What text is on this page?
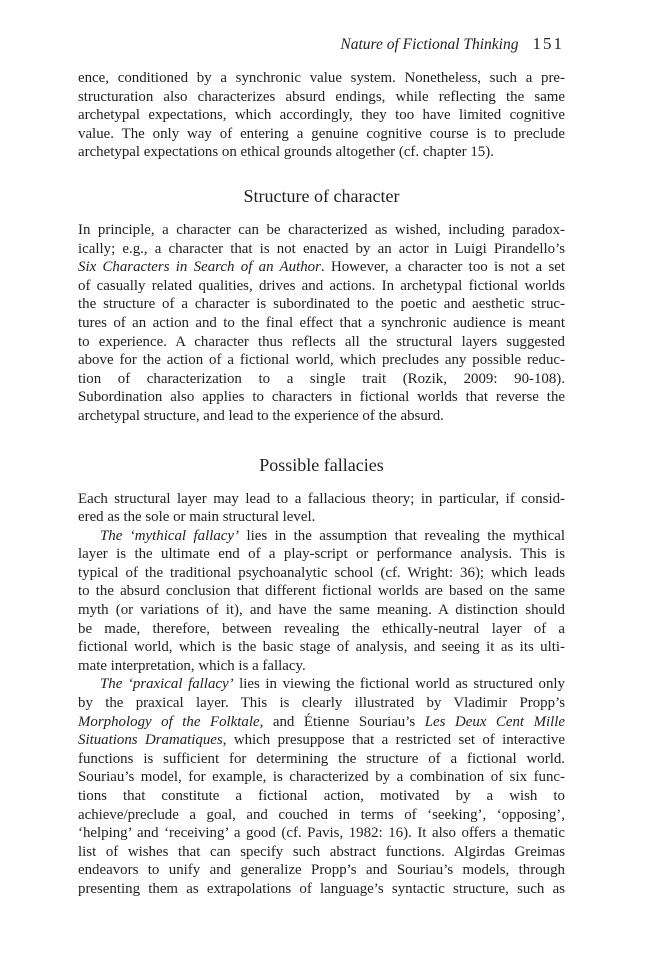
Nature of Fictional Thinking 151
ence, conditioned by a synchronic value system. Nonetheless, such a pre-
structuration also characterizes absurd endings, while reflecting the same
archetypal expectations, which accordingly, they too have limited cognitive
value. The only way of entering a genuine cognitive course is to preclude
archetypal expectations on ethical grounds altogether (cf. chapter 15).
Structure of character
In principle, a character can be characterized as wished, including paradox-
ically; e.g., a character that is not enacted by an actor in Luigi Pirandello’s
Six Characters in Search of an Author. However, a character too is not a set
of casually related qualities, drives and actions. In archetypal fictional worlds
the structure of a character is subordinated to the poetic and aesthetic struc-
tures of an action and to the final effect that a synchronic audience is meant
to experience. A character thus reflects all the structural layers suggested
above for the action of a fictional world, which precludes any possible reduc-
tion of characterization to a single trait (Rozik, 2009: 90-108).
Subordination also applies to characters in fictional worlds that reverse the
archetypal structure, and lead to the experience of the absurd.
Possible fallacies
Each structural layer may lead to a fallacious theory; in particular, if consid-
ered as the sole or main structural level.
The ‘mythical fallacy’ lies in the assumption that revealing the mythical
layer is the ultimate end of a play-script or performance analysis. This is
typical of the traditional psychoanalytic school (cf. Wright: 36); which leads
to the absurd conclusion that different fictional worlds are based on the same
myth (or variations of it), and have the same meaning. A distinction should
be made, therefore, between revealing the ethically-neutral layer of a
fictional world, which is the basic stage of analysis, and seeing it as its ulti-
mate interpretation, which is a fallacy.
The ‘praxical fallacy’ lies in viewing the fictional world as structured only
by the praxical layer. This is clearly illustrated by Vladimir Propp’s
Morphology of the Folktale, and Étienne Souriau’s Les Deux Cent Mille
Situations Dramatiques, which presuppose that a restricted set of interactive
functions is sufficient for determining the structure of a fictional world.
Souriau’s model, for example, is characterized by a combination of six func-
tions that constitute a fictional action, motivated by a wish to
achieve/preclude a goal, and couched in terms of ‘seeking’, ‘opposing’,
‘helping’ and ‘receiving’ a good (cf. Pavis, 1982: 16). It also offers a thematic
list of wishes that can specify such abstract functions. Algirdas Greimas
endeavors to unify and generalize Propp’s and Souriau’s models, through
presenting them as extrapolations of language’s syntactic structure, such as
